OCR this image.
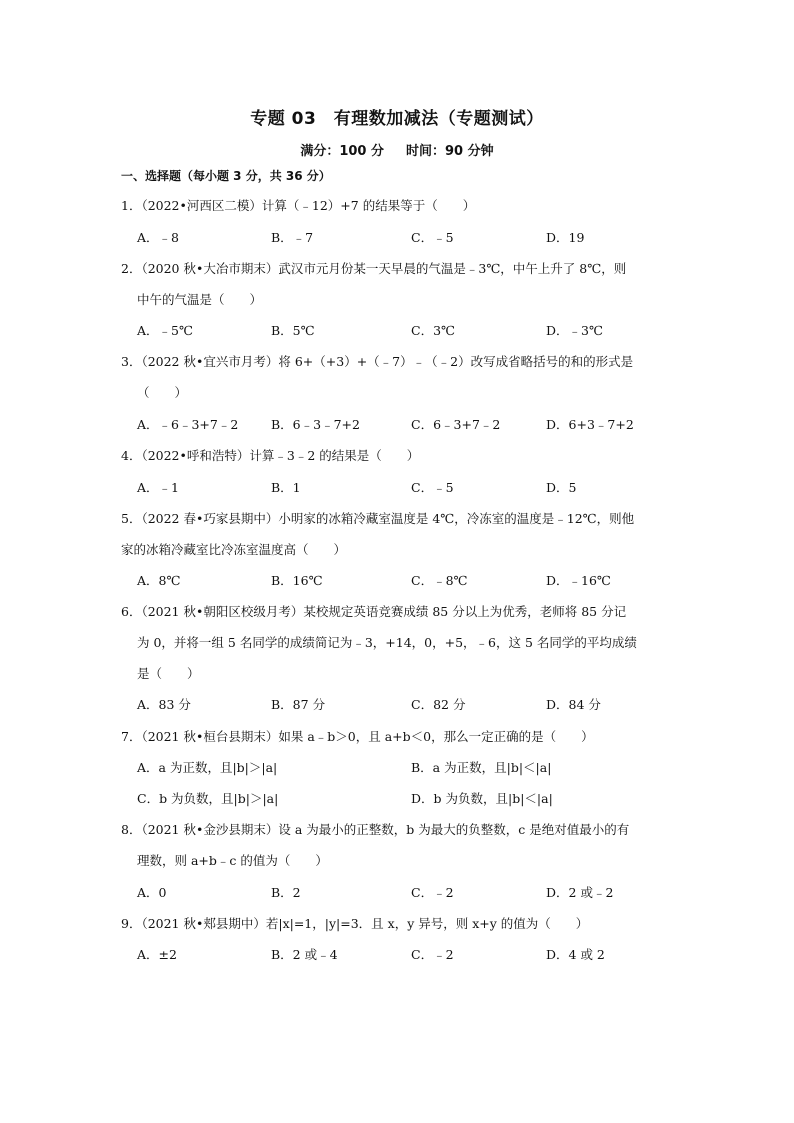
专题 03　有理数加减法（专题测试）
满分：100 分 时间：90 分钟
一、选择题（每小题 3 分，共 36 分）
1．（2022•河西区二模）计算（﹣12）+7 的结果等于（　　）
A．﹣8	B．﹣7	C．﹣5	D．19
2．（2020 秋•大冶市期末）武汉市元月份某一天早晨的气温是﹣3℃，中午上升了 8℃，则
中午的气温是（　　）
A．﹣5℃	B．5℃	C．3℃	D．﹣3℃
3．（2022 秋•宜兴市月考）将 6+（+3）+（﹣7）﹣（﹣2）改写成省略括号的和的形式是
（　　）
A．﹣6﹣3+7﹣2	B．6﹣3﹣7+2	C．6﹣3+7﹣2	D．6+3﹣7+2
4．（2022•呼和浩特）计算﹣3﹣2 的结果是（　　）
A．﹣1	B．1	C．﹣5	D．5
5．（2022 春•巧家县期中）小明家的冰箱冷藏室温度是 4℃，冷冻室的温度是﹣12℃，则他
家的冰箱冷藏室比冷冻室温度高（　　）
A．8℃	B．16℃	C．﹣8℃	D．﹣16℃
6．（2021 秋•朝阳区校级月考）某校规定英语竞赛成绩 85 分以上为优秀，老师将 85 分记
为 0，并将一组 5 名同学的成绩简记为﹣3，+14，0，+5，﹣6，这 5 名同学的平均成绩
是（　　）
A．83 分	B．87 分	C．82 分	D．84 分
7．（2021 秋•桓台县期末）如果 a﹣b＞0，且 a+b＜0，那么一定正确的是（　　）
A．a 为正数，且|b|＞|a|	B．a 为正数，且|b|＜|a|
C．b 为负数，且|b|＞|a|	D．b 为负数，且|b|＜|a|
8．（2021 秋•金沙县期末）设 a 为最小的正整数，b 为最大的负整数，c 是绝对值最小的有
理数，则 a+b﹣c 的值为（　　）
A．0	B．2	C．﹣2	D．2 或﹣2
9．（2021 秋•郏县期中）若|x|=1，|y|=3．且 x，y 异号，则 x+y 的值为（　　）
A．±2	B．2 或﹣4	C．﹣2	D．4 或 2
